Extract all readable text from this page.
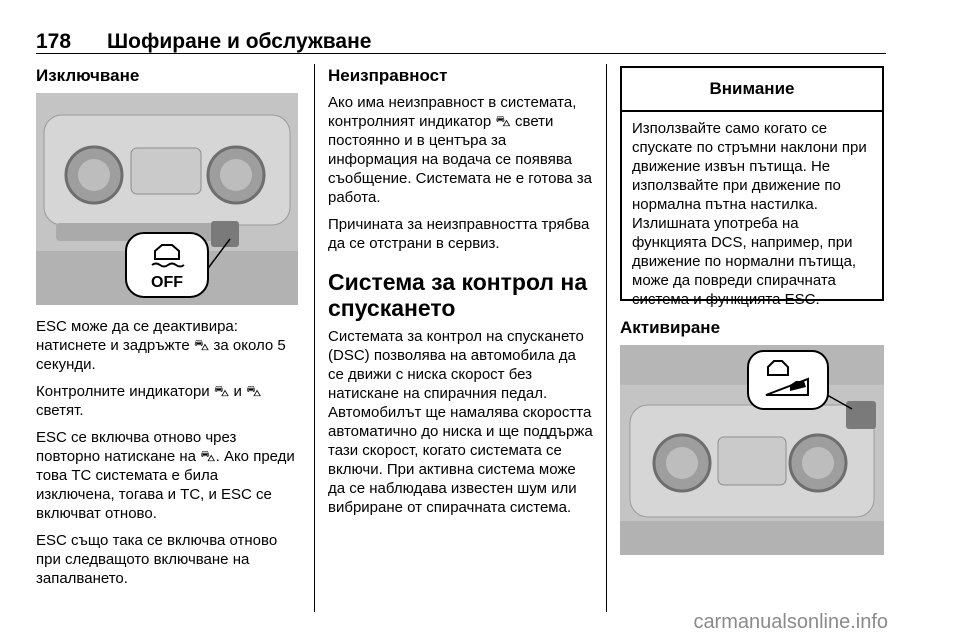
178 Шофиране и обслужване
Изключване
OFF

ESC може да се деактивира: натиснете и задръжте ⛍ за около 5 секунди.

Контролните индикатори ⛍ и ⛍ светят.

ESC се включва отново чрез повторно натискане на ⛍. Ако преди това TC системата е била изключена, тогава и TC, и ESC се включват отново.

ESC също така се включва отново при следващото включване на запалването.

Неизправност

Ако има неизправност в системата, контролният индикатор ⛍ свети постоянно и в центъра за информация на водача се появява съобщение. Системата не е готова за работа.

Причината за неизправността трябва да се отстрани в сервиз.

Система за контрол на спускането

Системата за контрол на спускането (DSC) позволява на автомобила да се движи с ниска скорост без натискане на спирачния педал. Автомобилът ще намалява скоростта автоматично до ниска и ще поддържа тази скорост, когато системата се включи. При активна система може да се наблюдава известен шум или вибриране от спирачната система.

Внимание
Използвайте само когато се спускате по стръмни наклони при движение извън пътища. Не използвайте при движение по нормална пътна настилка. Излишната употреба на функцията DCS, например, при движение по нормални пътища, може да повреди спирачната система и функцията ESC.
Активиране
carmanualsonline.info
